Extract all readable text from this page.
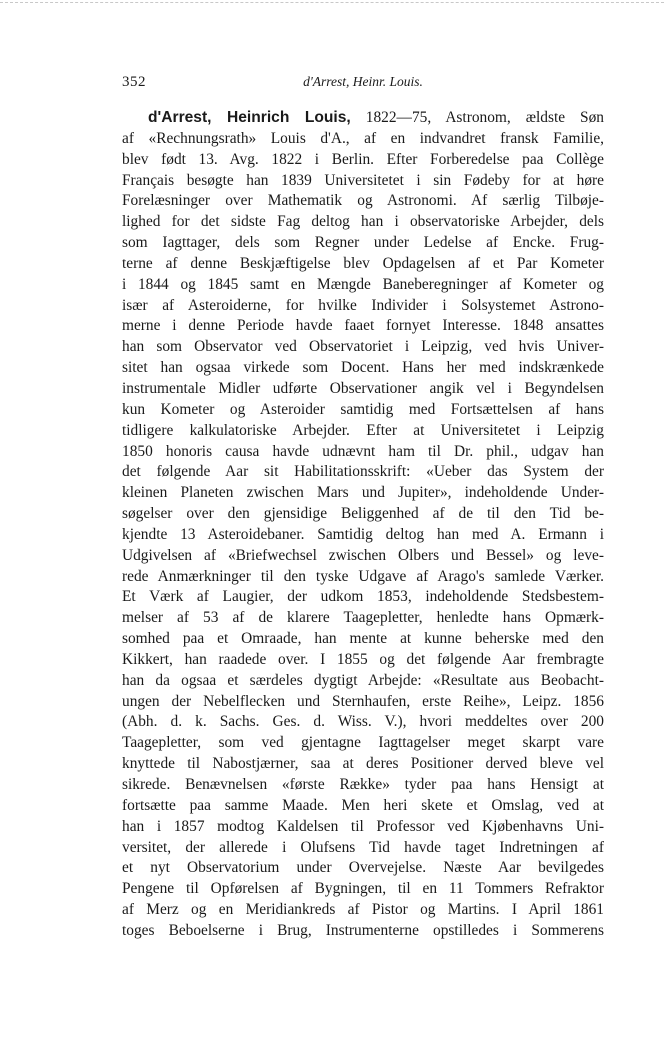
352	d'Arrest, Heinr. Louis.
d'Arrest, Heinrich Louis, 1822—75, Astronom, ældste Søn
af «Rechnungsrath» Louis d'A., af en indvandret fransk Familie,
blev født 13. Avg. 1822 i Berlin. Efter Forberedelse paa Collège
Français besøgte han 1839 Universitetet i sin Fødeby for at høre
Forelæsninger over Mathematik og Astronomi. Af særlig Tilbøje-
lighed for det sidste Fag deltog han i observatoriske Arbejder, dels
som Iagttager, dels som Regner under Ledelse af Encke. Frug-
terne af denne Beskjæftigelse blev Opdagelsen af et Par Kometer
i 1844 og 1845 samt en Mængde Baneberegninger af Kometer og
især af Asteroiderne, for hvilke Individer i Solsystemet Astrono-
merne i denne Periode havde faaet fornyet Interesse. 1848 ansattes
han som Observator ved Observatoriet i Leipzig, ved hvis Univer-
sitet han ogsaa virkede som Docent. Hans her med indskrænkede
instrumentale Midler udførte Observationer angik vel i Begyndelsen
kun Kometer og Asteroider samtidig med Fortsættelsen af hans
tidligere kalkulatoriske Arbejder. Efter at Universitetet i Leipzig
1850 honoris causa havde udnævnt ham til Dr. phil., udgav han
det følgende Aar sit Habilitationsskrift: «Ueber das System der
kleinen Planeten zwischen Mars und Jupiter», indeholdende Under-
søgelser over den gjensidige Beliggenhed af de til den Tid be-
kjendte 13 Asteroidebaner. Samtidig deltog han med A. Ermann i
Udgivelsen af «Briefwechsel zwischen Olbers und Bessel» og leve-
rede Anmærkninger til den tyske Udgave af Arago's samlede Værker.
Et Værk af Laugier, der udkom 1853, indeholdende Stedsbestem-
melser af 53 af de klarere Taagepletter, henledte hans Opmærk-
somhed paa et Omraade, han mente at kunne beherske med den
Kikkert, han raadede over. I 1855 og det følgende Aar frembragte
han da ogsaa et særdeles dygtigt Arbejde: «Resultate aus Beobacht-
ungen der Nebelflecken und Sternhaufen, erste Reihe», Leipz. 1856
(Abh. d. k. Sachs. Ges. d. Wiss. V.), hvori meddeltes over 200
Taagepletter, som ved gjentagne Iagttagelser meget skarpt vare
knyttede til Nabostjærner, saa at deres Positioner derved bleve vel
sikrede. Benævnelsen «første Række» tyder paa hans Hensigt at
fortsætte paa samme Maade. Men heri skete et Omslag, ved at
han i 1857 modtog Kaldelsen til Professor ved Kjøbenhavns Uni-
versitet, der allerede i Olufsens Tid havde taget Indretningen af
et nyt Observatorium under Overvejelse. Næste Aar bevilgedes
Pengene til Opførelsen af Bygningen, til en 11 Tommers Refraktor
af Merz og en Meridiankreds af Pistor og Martins. I April 1861
toges Beboelserne i Brug, Instrumenterne opstilledes i Sommerens
